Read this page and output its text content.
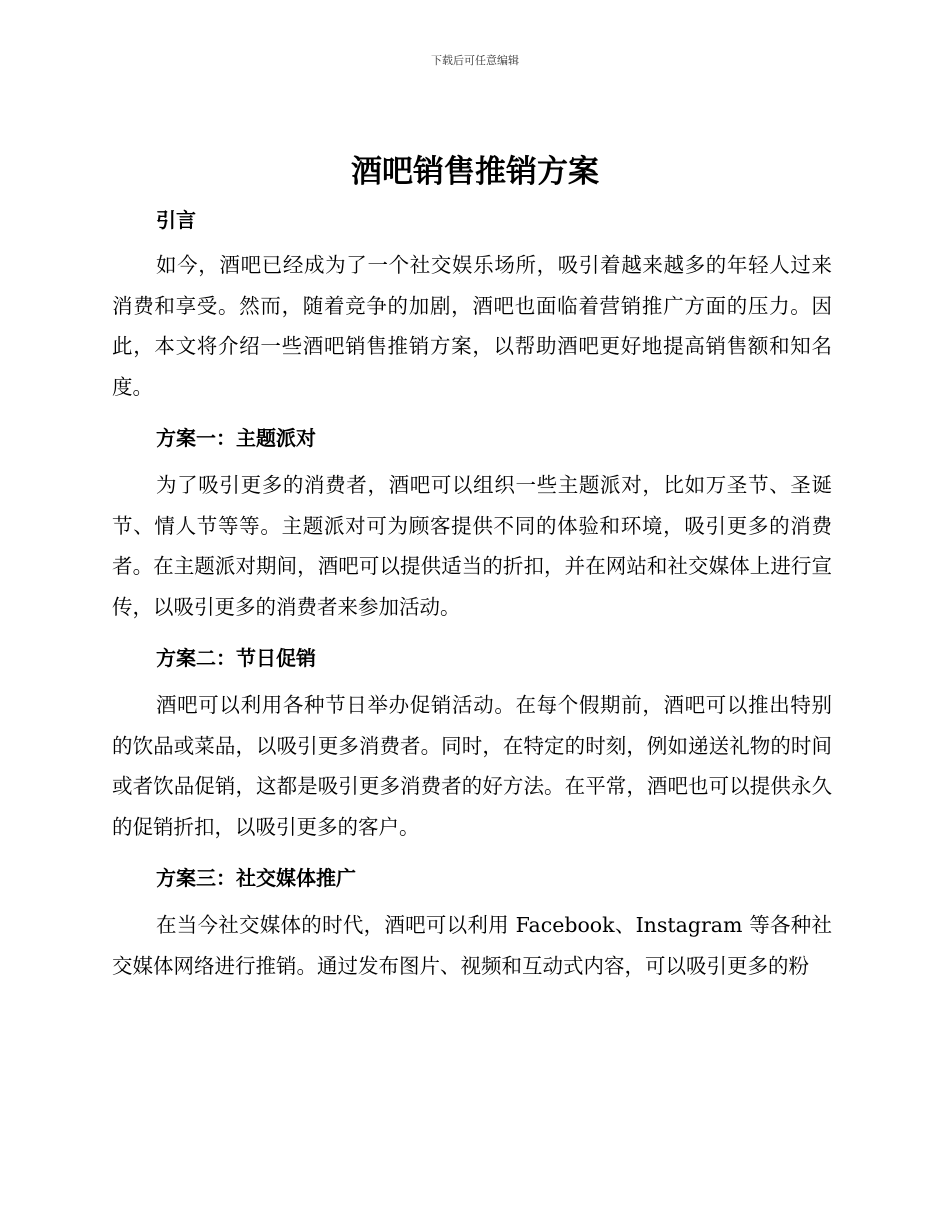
下载后可任意编辑
酒吧销售推销方案
引言

如今，酒吧已经成为了一个社交娱乐场所，吸引着越来越多的年轻人过来消费和享受。然而，随着竞争的加剧，酒吧也面临着营销推广方面的压力。因此，本文将介绍一些酒吧销售推销方案，以帮助酒吧更好地提高销售额和知名度。

方案一：主题派对

为了吸引更多的消费者，酒吧可以组织一些主题派对，比如万圣节、圣诞节、情人节等等。主题派对可为顾客提供不同的体验和环境，吸引更多的消费者。在主题派对期间，酒吧可以提供适当的折扣，并在网站和社交媒体上进行宣传，以吸引更多的消费者来参加活动。

方案二：节日促销

酒吧可以利用各种节日举办促销活动。在每个假期前，酒吧可以推出特别的饮品或菜品，以吸引更多消费者。同时，在特定的时刻，例如递送礼物的时间或者饮品促销，这都是吸引更多消费者的好方法。在平常，酒吧也可以提供永久的促销折扣，以吸引更多的客户。

方案三：社交媒体推广

在当今社交媒体的时代，酒吧可以利用 Facebook、Instagram 等各种社交媒体网络进行推销。通过发布图片、视频和互动式内容，可以吸引更多的粉
